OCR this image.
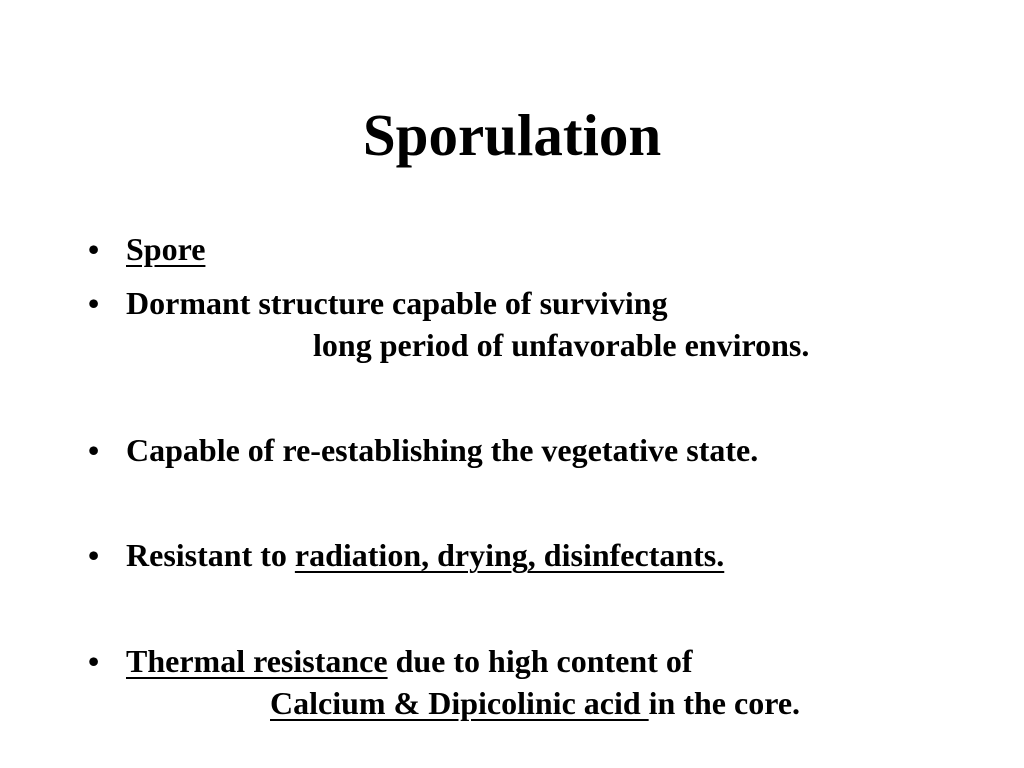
Sporulation
• Spore
• Dormant structure capable of surviving
long period of unfavorable environs.
• Capable of re-establishing the vegetative state.
• Resistant to radiation, drying, disinfectants.
• Thermal resistance due to high content of
Calcium & Dipicolinic acid in the core.
